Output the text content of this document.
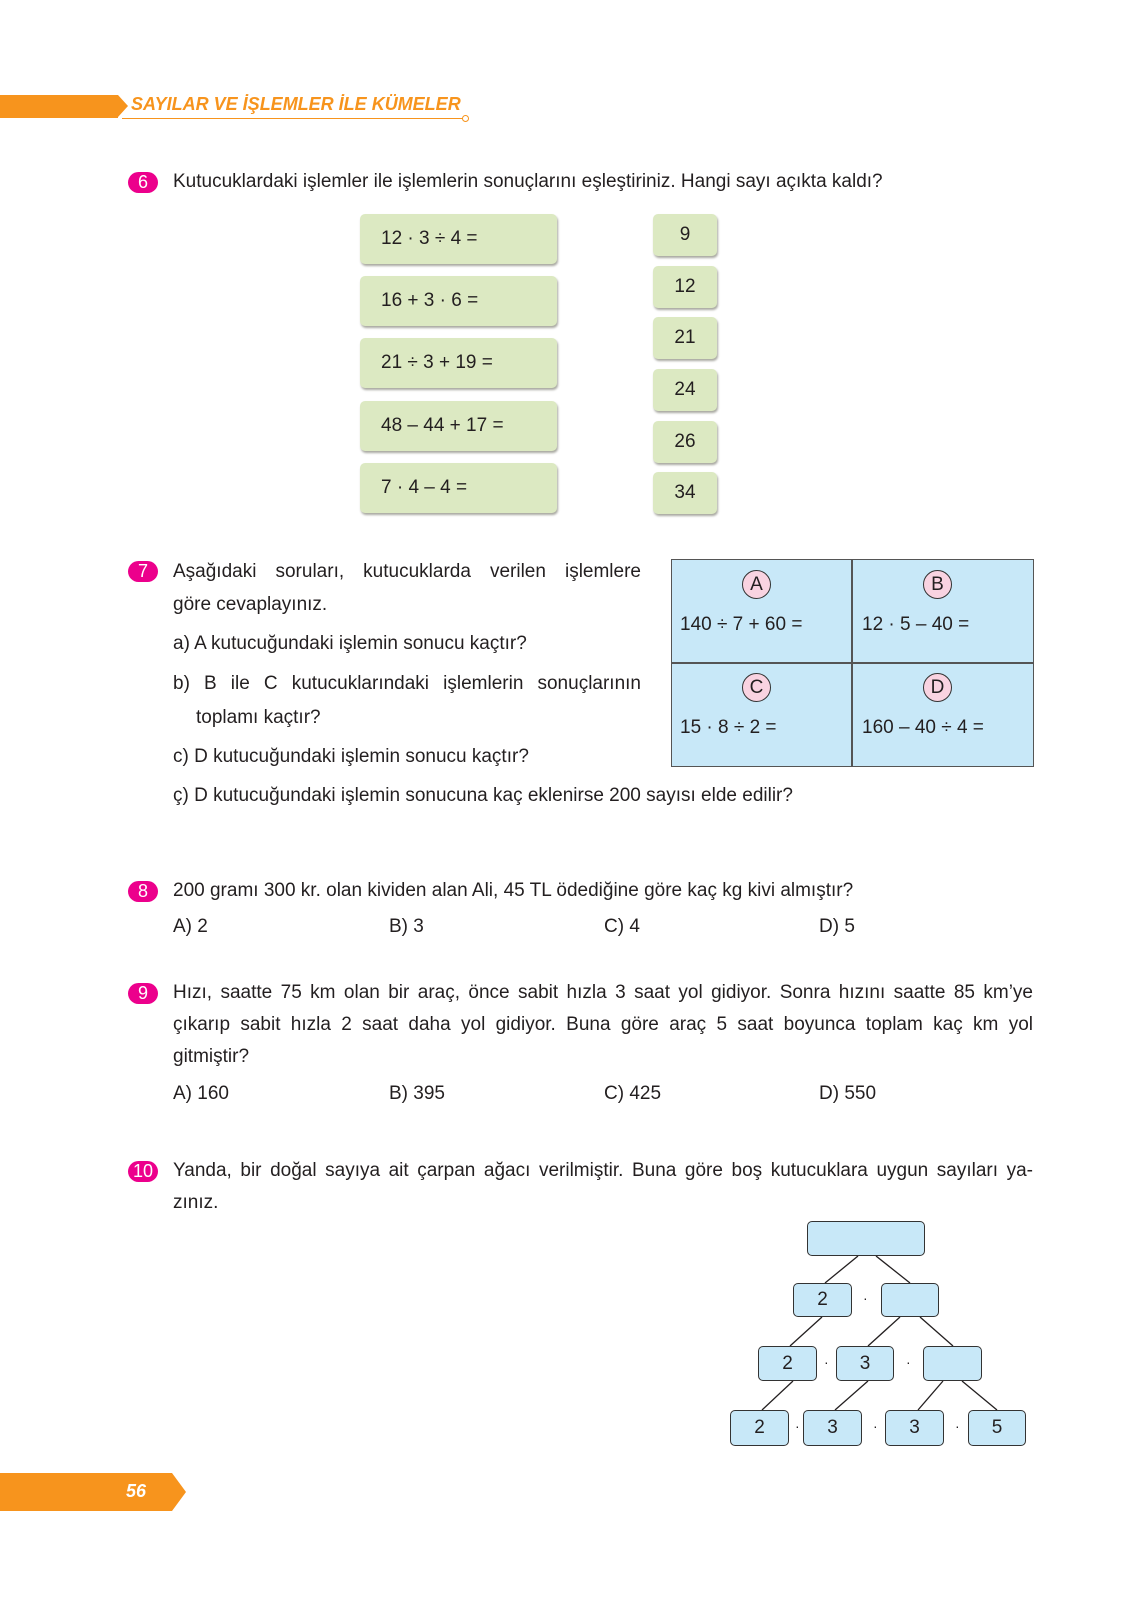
SAYILAR VE İŞLEMLER İLE KÜMELER
6	Kutucuklardaki işlemler ile işlemlerin sonuçlarını eşleştiriniz. Hangi sayı açıkta kaldı?
12 · 3 ÷ 4 =
16 + 3 · 6 =
21 ÷ 3 + 19 =
48 – 44 + 17 =
7 · 4 – 4 =
9
12
21
24
26
34
7	Aşağıdaki soruları, kutucuklarda verilen işlemlere
göre cevaplayınız.
a) A kutucuğundaki işlemin sonucu kaçtır?
b) B ile C kutucuklarındaki işlemlerin sonuçlarının
toplamı kaçtır?
c) D kutucuğundaki işlemin sonucu kaçtır?
ç) D kutucuğundaki işlemin sonucuna kaç eklenirse 200 sayısı elde edilir?
A
140 ÷ 7 + 60 =
B
12 · 5 – 40 =
C
15 · 8 ÷ 2 =
D
160 – 40 ÷ 4 =
8	200 gramı 300 kr. olan kividen alan Ali, 45 TL ödediğine göre kaç kg kivi almıştır?
A) 2	B) 3	C) 4	D) 5
9	Hızı, saatte 75 km olan bir araç, önce sabit hızla 3 saat yol gidiyor. Sonra hızını saatte 85 km’ye
çıkarıp sabit hızla 2 saat daha yol gidiyor. Buna göre araç 5 saat boyunca toplam kaç km yol
gitmiştir?
A) 160	B) 395	C) 425	D) 550
10 Yanda, bir doğal sayıya ait çarpan ağacı verilmiştir. Buna göre boş kutucuklara uygun sayıları ya-
zınız.
2	·
2	·	3	·
2	·	3	·	3	·	5
56
